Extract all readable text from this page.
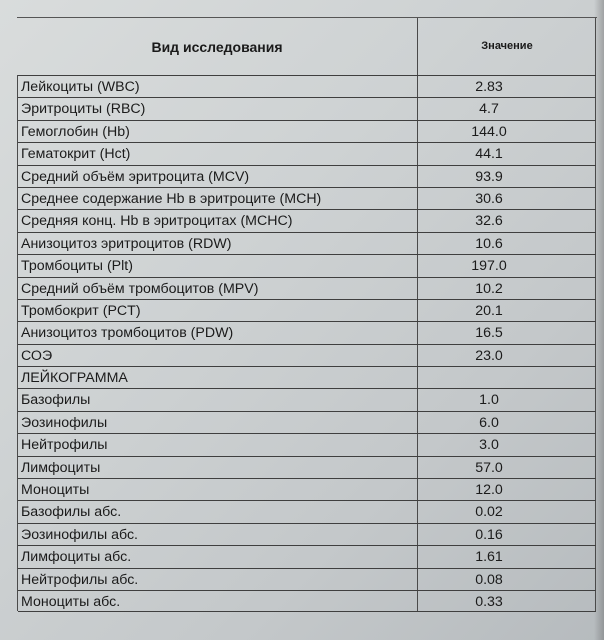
Вид исследования	Значение
Лейкоциты (WBC)	2.83
Эритроциты (RBC)	4.7
Гемоглобин (Hb)	144.0
Гематокрит (Hct)	44.1
Средний объём эритроцита (MCV)	93.9
Среднее содержание Hb в эритроците (MCH)	30.6
Средняя конц. Hb в эритроцитах (MCHC)	32.6
Анизоцитоз эритроцитов (RDW)	10.6
Тромбоциты (Plt)	197.0
Средний объём тромбоцитов (MPV)	10.2
Тромбокрит (PCT)	20.1
Анизоцитоз тромбоцитов (PDW)	16.5
СОЭ	23.0
ЛЕЙКОГРАММА
Базофилы	1.0
Эозинофилы	6.0
Нейтрофилы	3.0
Лимфоциты	57.0
Моноциты	12.0
Базофилы абс.	0.02
Эозинофилы абс.	0.16
Лимфоциты абс.	1.61
Нейтрофилы абс.	0.08
Моноциты абс.	0.33
